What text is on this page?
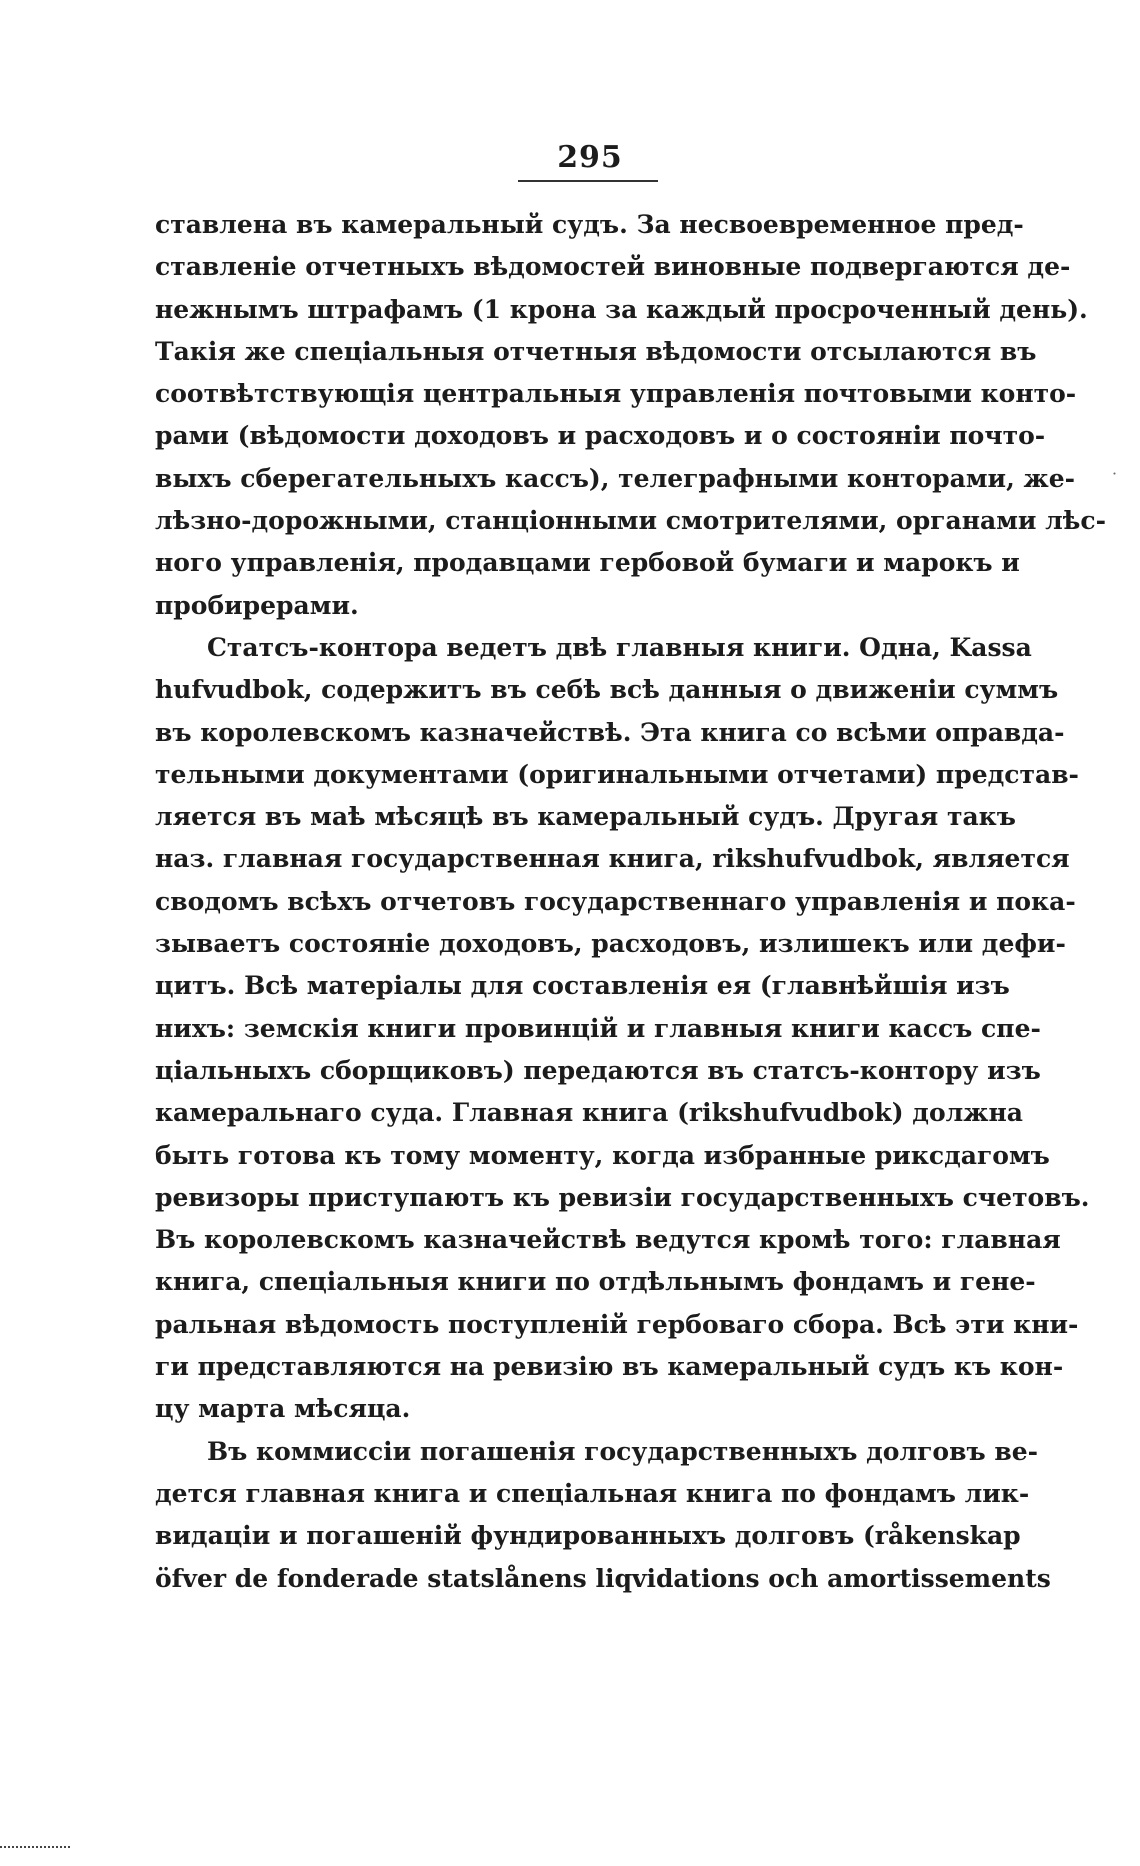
295
ставлена въ камеральный судъ. За несвоевременное пред-
ставленіе отчетныхъ вѣдомостей виновные подвергаются де-
нежнымъ штрафамъ (1 крона за каждый просроченный день).
Такія же спеціальныя отчетныя вѣдомости отсылаются въ
соотвѣтствующія центральныя управленія почтовыми конто-
рами (вѣдомости доходовъ и расходовъ и о состояніи почто-
выхъ сберегательныхъ кассъ), телеграфными конторами, же-
лѣзно-дорожными, станціонными смотрителями, органами лѣс-
ного управленія, продавцами гербовой бумаги и марокъ и
пробирерами.
Статсъ-контора ведетъ двѣ главныя книги. Одна, Kassa
hufvudbok, содержитъ въ себѣ всѣ данныя о движеніи суммъ
въ королевскомъ казначействѣ. Эта книга со всѣми оправда-
тельными документами (оригинальными отчетами) представ-
ляется въ маѣ мѣсяцѣ въ камеральный судъ. Другая такъ
наз. главная государственная книга, rikshufvudbok, является
сводомъ всѣхъ отчетовъ государственнаго управленія и пока-
зываетъ состояніе доходовъ, расходовъ, излишекъ или дефи-
цитъ. Всѣ матеріалы для составленія ея (главнѣйшія изъ
нихъ: земскія книги провинцій и главныя книги кассъ спе-
ціальныхъ сборщиковъ) передаются въ статсъ-контору изъ
камеральнаго суда. Главная книга (rikshufvudbok) должна
быть готова къ тому моменту, когда избранные риксдагомъ
ревизоры приступаютъ къ ревизіи государственныхъ счетовъ.
Въ королевскомъ казначействѣ ведутся кромѣ того: главная
книга, спеціальныя книги по отдѣльнымъ фондамъ и гене-
ральная вѣдомость поступленій гербоваго сбора. Всѣ эти кни-
ги представляются на ревизію въ камеральный судъ къ кон-
цу марта мѣсяца.
Въ коммиссіи погашенія государственныхъ долговъ ве-
дется главная книга и спеціальная книга по фондамъ лик-
видаціи и погашеній фундированныхъ долговъ (råkenskap
öfver de fonderade statslånens liqvidations och amortissements
˙
